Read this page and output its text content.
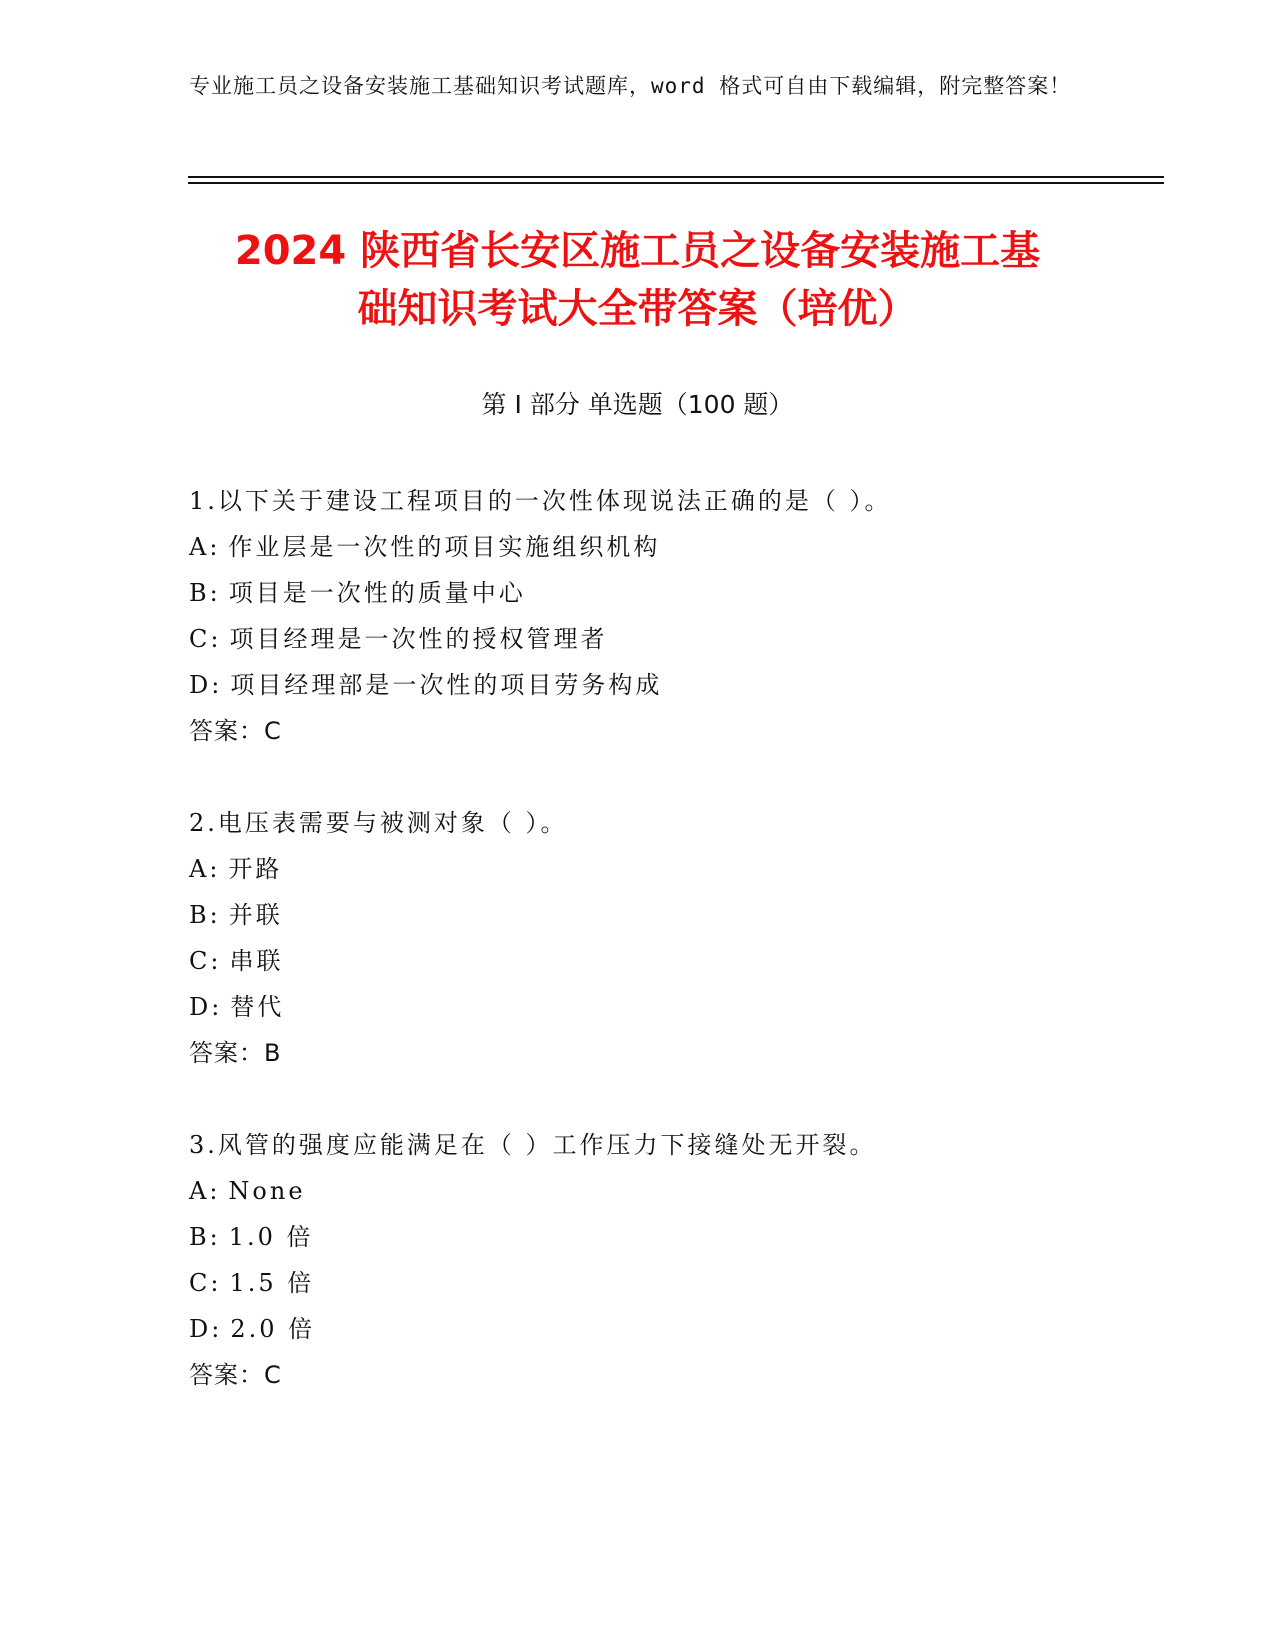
专业施工员之设备安装施工基础知识考试题库，word 格式可自由下载编辑，附完整答案！
2024 陕西省长安区施工员之设备安装施工基
础知识考试大全带答案（培优）
第 I 部分 单选题（100 题）
1.以下关于建设工程项目的一次性体现说法正确的是（ ）。
A: 作业层是一次性的项目实施组织机构
B: 项目是一次性的质量中心
C: 项目经理是一次性的授权管理者
D: 项目经理部是一次性的项目劳务构成
答案：C
2.电压表需要与被测对象（ ）。
A: 开路
B: 并联
C: 串联
D: 替代
答案：B
3.风管的强度应能满足在（ ）工作压力下接缝处无开裂。
A: None
B: 1.0 倍
C: 1.5 倍
D: 2.0 倍
答案：C
